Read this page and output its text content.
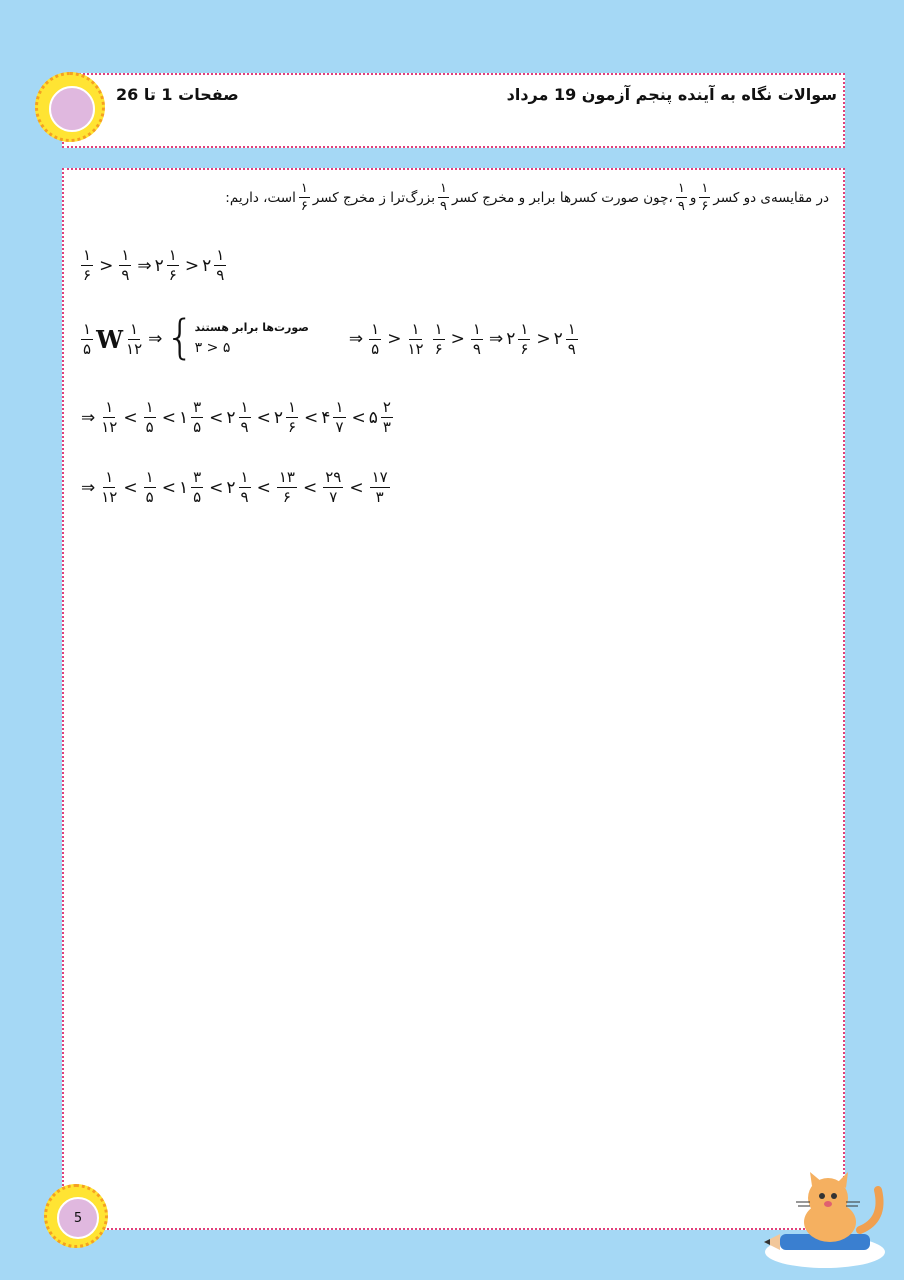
سوالات نگاه به آینده پنجم آزمون 19 مرداد
صفحات 1 تا 26
در مقایسه‌ی دو کسر
$\frac{۱}{۶}$
و
$\frac{۱}{۹}$
،چون صورت کسرها برابر و مخرج کسر
$\frac{۱}{۹}$
بزرگ‌ترا ز مخرج کسر
$\frac{۱}{۶}$
است، داریم:
$\frac{۱}{۶} > \frac{۱}{۹}$ ⇒ ۲ $\frac{۱}{۶}$ > ۲ $\frac{۱}{۹}$
$\frac{۱}{۵}$ W $\frac{۱}{۱۲}$ ⇒ { صورت‌ها برابر هستند
۳ > ۵	⇒ $\frac{۱}{۵} > \frac{۱}{۱۲} \frac{۱}{۶} > \frac{۱}{۹}$ ⇒ ۲ $\frac{۱}{۶}$ > ۲ $\frac{۱}{۹}$
⇒ $\frac{۱}{۱۲} < \frac{۱}{۵}$ < ۱ $\frac{۳}{۵}$ < ۲ $\frac{۱}{۹}$ < ۲ $\frac{۱}{۶}$ < ۴ $\frac{۱}{۷}$ < ۵ $\frac{۲}{۳}$
⇒ $\frac{۱}{۱۲} < \frac{۱}{۵}$ < ۱ $\frac{۳}{۵}$ < ۲ $\frac{۱}{۹} < \frac{۱۳}{۶} < \frac{۲۹}{۷} < \frac{۱۷}{۳}$
5
